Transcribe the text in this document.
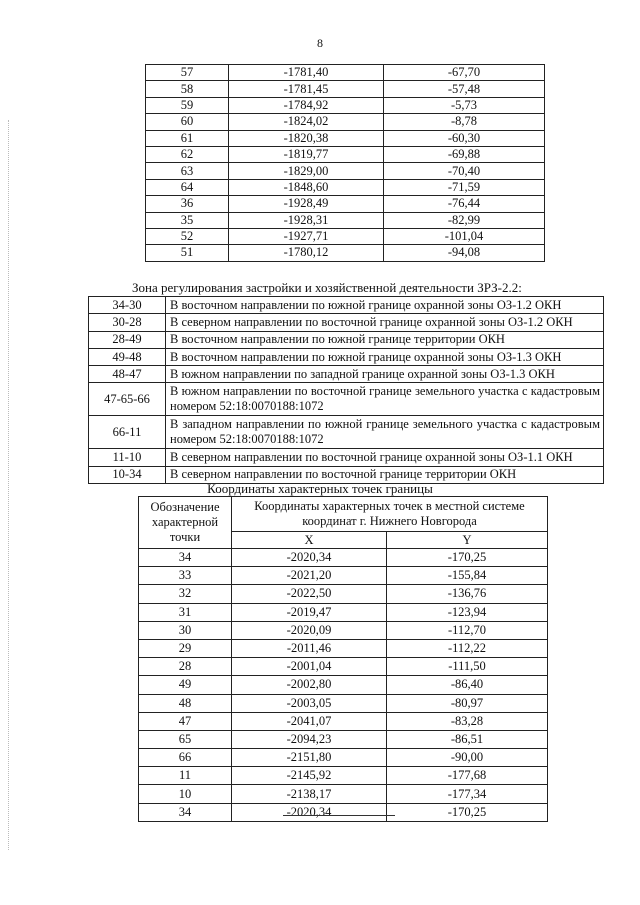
8
57	-1781,40	-67,70
58	-1781,45	-57,48
59	-1784,92	-5,73
60	-1824,02	-8,78
61	-1820,38	-60,30
62	-1819,77	-69,88
63	-1829,00	-70,40
64	-1848,60	-71,59
36	-1928,49	-76,44
35	-1928,31	-82,99
52	-1927,71	-101,04
51	-1780,12	-94,08
Зона регулирования застройки и хозяйственной деятельности ЗРЗ-2.2:
34-30	В восточном направлении по южной границе охранной зоны ОЗ-1.2 ОКН
30-28	В северном направлении по восточной границе охранной зоны ОЗ-1.2 ОКН
28-49	В восточном направлении по южной границе территории ОКН
49-48	В восточном направлении по южной границе охранной зоны ОЗ-1.3 ОКН
48-47	В южном направлении по западной границе охранной зоны ОЗ-1.3 ОКН
47-65-66	В южном направлении по восточной границе земельного участка с кадастровым номером 52:18:0070188:1072
66-11	В западном направлении по южной границе земельного участка с кадастровым номером 52:18:0070188:1072
11-10	В северном направлении по восточной границе охранной зоны ОЗ-1.1 ОКН
10-34	В северном направлении по восточной границе территории ОКН
Координаты характерных точек границы
Обозначение характерной точки	Координаты характерных точек в местной системе координат г. Нижнего Новгорода	
	X	Y
34	-2020,34	-170,25
33	-2021,20	-155,84
32	-2022,50	-136,76
31	-2019,47	-123,94
30	-2020,09	-112,70
29	-2011,46	-112,22
28	-2001,04	-111,50
49	-2002,80	-86,40
48	-2003,05	-80,97
47	-2041,07	-83,28
65	-2094,23	-86,51
66	-2151,80	-90,00
11	-2145,92	-177,68
10	-2138,17	-177,34
34	-2020,34	-170,25
